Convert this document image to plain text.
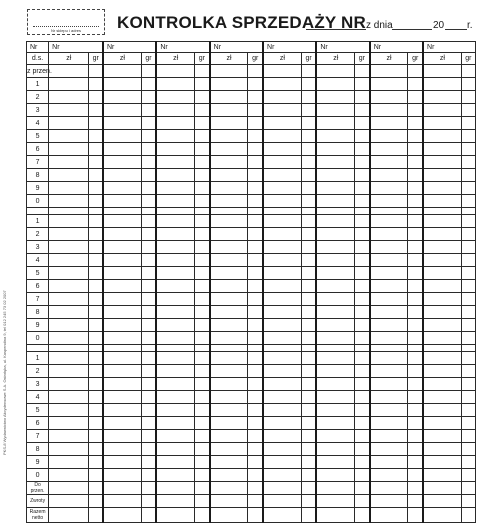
Nr sklepu i adres	KONTROLKA SPRZEDAŻY NR z dnia	20 r.
PKS-8 Wydawnictwo Akcydensowe S.A. Ostrołęka, ul. Kaspendina 9, tel 012 245 73 02 2007
Nr	Nr		Nr		Nr		Nr		Nr		Nr		Nr		Nr	
d.s.	zł	gr	zł	gr	zł	gr	zł	gr	zł	gr	zł	gr	zł	gr	zł	gr
z przen.																
1																
2																
3																
4																
5																
6																
7																
8																
9																
0																

1																
2																
3																
4																
5																
6																
7																
8																
9																
0																

1																
2																
3																
4																
5																
6																
7																
8																
9																
0																
Do przen.																
Zwroty																
Razem netto																
